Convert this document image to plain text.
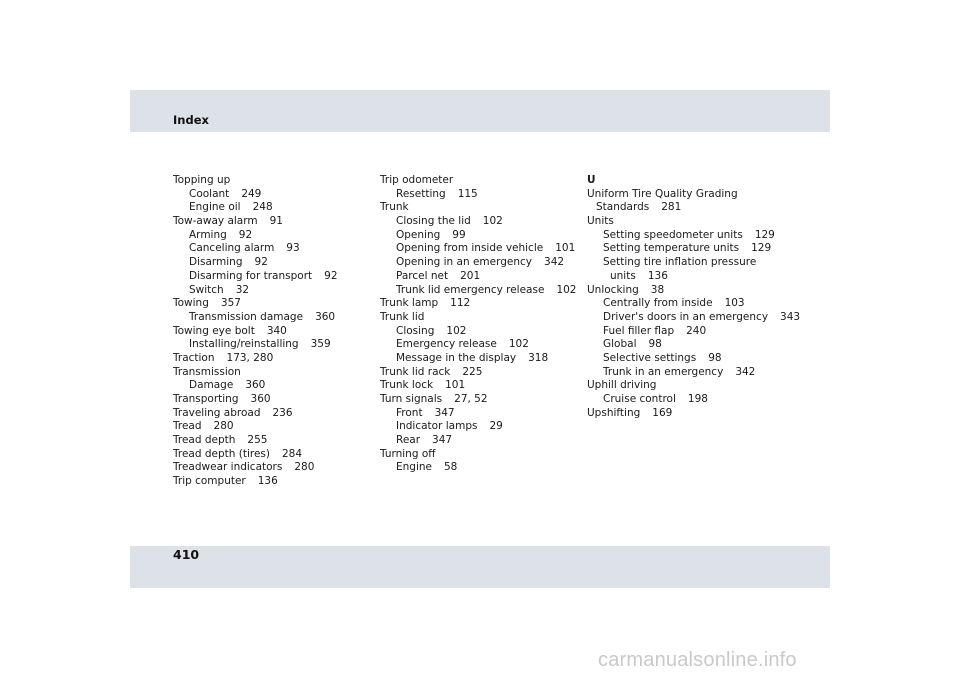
Index
Topping up
Coolant 249
Engine oil 248
Tow-away alarm 91
Arming 92
Canceling alarm 93
Disarming 92
Disarming for transport 92
Switch 32
Towing 357
Transmission damage 360
Towing eye bolt 340
Installing/reinstalling 359
Traction 173, 280
Transmission
Damage 360
Transporting 360
Traveling abroad 236
Tread 280
Tread depth 255
Tread depth (tires) 284
Treadwear indicators 280
Trip computer 136
Trip odometer
Resetting 115
Trunk
Closing the lid 102
Opening 99
Opening from inside vehicle 101
Opening in an emergency 342
Parcel net 201
Trunk lid emergency release 102
Trunk lamp 112
Trunk lid
Closing 102
Emergency release 102
Message in the display 318
Trunk lid rack 225
Trunk lock 101
Turn signals 27, 52
Front 347
Indicator lamps 29
Rear 347
Turning off
Engine 58
U
Uniform Tire Quality Grading
Standards 281
Units
Setting speedometer units 129
Setting temperature units 129
Setting tire inflation pressure
units 136
Unlocking 38
Centrally from inside 103
Driver's doors in an emergency 343
Fuel filler flap 240
Global 98
Selective settings 98
Trunk in an emergency 342
Uphill driving
Cruise control 198
Upshifting 169
410
carmanualsonline.info
